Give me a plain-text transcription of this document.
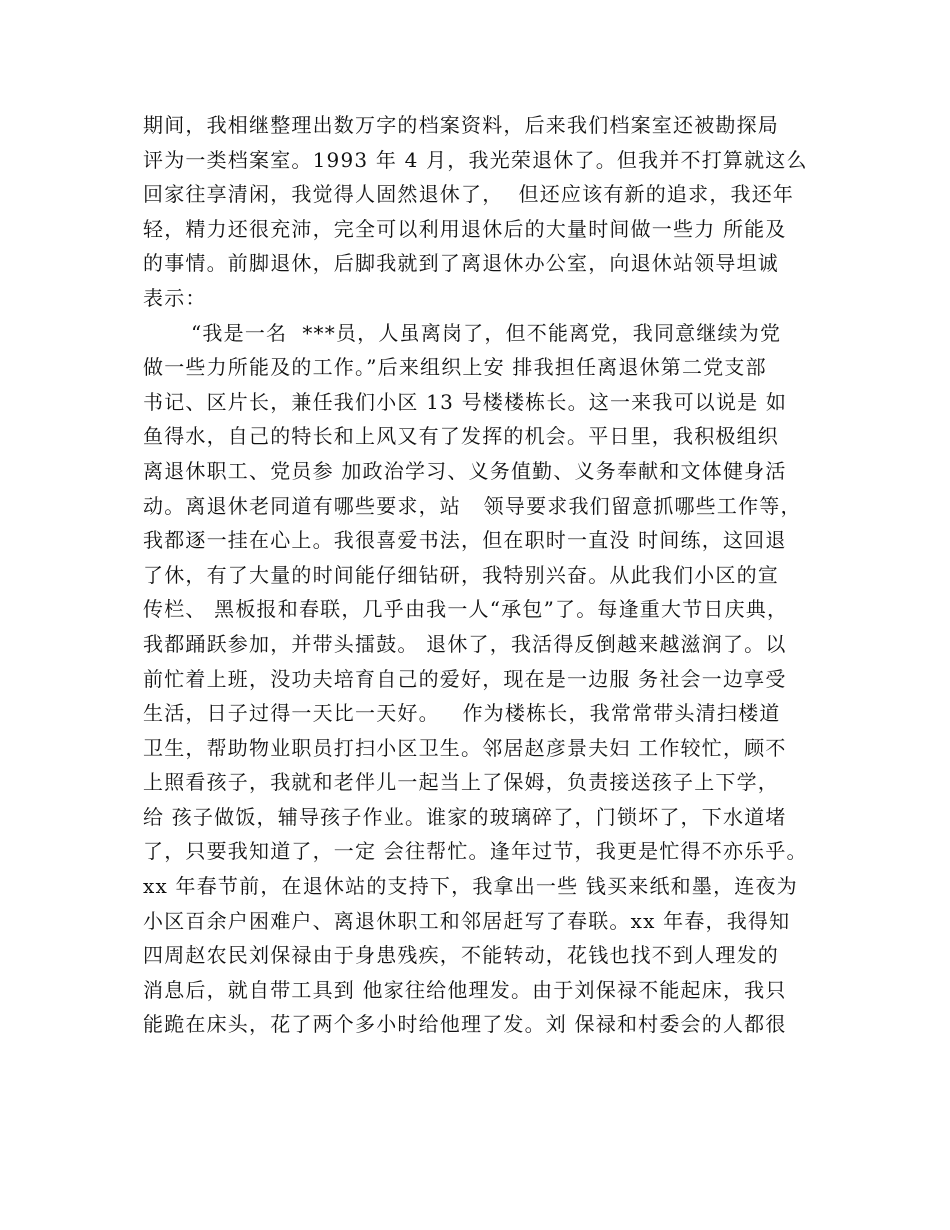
期间，我相继整理出数万字的档案资料，后来我们档案室还被勘探局
评为一类档案室。1993 年 4 月，我光荣退休了。但我并不打算就这么
回家往享清闲，我觉得人固然退休了，  但还应该有新的追求，我还年
轻，精力还很充沛，完全可以利用退休后的大量时间做一些力 所能及
的事情。前脚退休，后脚我就到了离退休办公室，向退休站领导坦诚
表示：
“我是一名  ***员，人虽离岗了，但不能离党，我同意继续为党
做一些力所能及的工作。”后来组织上安 排我担任离退休第二党支部
书记、区片长，兼任我们小区 13 号楼楼栋长。这一来我可以说是 如
鱼得水，自己的特长和上风又有了发挥的机会。平日里，我积极组织
离退休职工、党员参 加政治学习、义务值勤、义务奉献和文体健身活
动。离退休老同道有哪些要求，站   领导要求我们留意抓哪些工作等，
我都逐一挂在心上。我很喜爱书法，但在职时一直没 时间练，这回退
了休，有了大量的时间能仔细钻研，我特别兴奋。从此我们小区的宣
传栏、 黑板报和春联，几乎由我一人“承包”了。每逢重大节日庆典，
我都踊跃参加，并带头擂鼓。 退休了，我活得反倒越来越滋润了。以
前忙着上班，没功夫培育自己的爱好，现在是一边服 务社会一边享受
生活，日子过得一天比一天好。   作为楼栋长，我常常带头清扫楼道
卫生，帮助物业职员打扫小区卫生。邻居赵彦景夫妇 工作较忙，顾不
上照看孩子，我就和老伴儿一起当上了保姆，负责接送孩子上下学，
给 孩子做饭，辅导孩子作业。谁家的玻璃碎了，门锁坏了，下水道堵
了，只要我知道了，一定 会往帮忙。逢年过节，我更是忙得不亦乐乎。
xx 年春节前，在退休站的支持下，我拿出一些 钱买来纸和墨，连夜为
小区百余户困难户、离退休职工和邻居赶写了春联。xx 年春，我得知
四周赵农民刘保禄由于身患残疾，不能转动，花钱也找不到人理发的
消息后，就自带工具到 他家往给他理发。由于刘保禄不能起床，我只
能跪在床头，花了两个多小时给他理了发。刘 保禄和村委会的人都很
